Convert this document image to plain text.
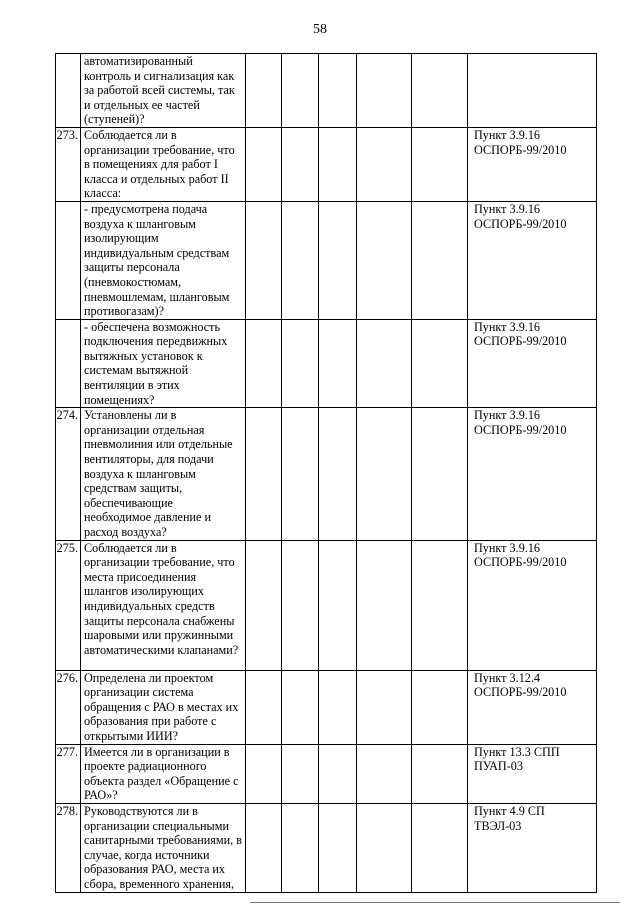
58
	автоматизированный контроль и сигнализация как за работой всей системы, так и отдельных ее частей (ступеней)?						
273.	Соблюдается ли в организации требование, что в помещениях для работ I класса и отдельных работ II класса:						Пункт 3.9.16 ОСПОРБ-99/2010
	- предусмотрена подача воздуха к шланговым изолирующим индивидуальным средствам защиты персонала (пневмокостюмам, пневмошлемам, шланговым противогазам)?						Пункт 3.9.16 ОСПОРБ-99/2010
	- обеспечена возможность подключения передвижных вытяжных установок к системам вытяжной вентиляции в этих помещениях?						Пункт 3.9.16 ОСПОРБ-99/2010
274.	Установлены ли в организации отдельная пневмолиния или отдельные вентиляторы, для подачи воздуха к шланговым средствам защиты, обеспечивающие необходимое давление и расход воздуха?						Пункт 3.9.16 ОСПОРБ-99/2010
275.	Соблюдается ли в организации требование, что места присоединения шлангов изолирующих индивидуальных средств защиты персонала снабжены шаровыми или пружинными автоматическими клапанами?						Пункт 3.9.16 ОСПОРБ-99/2010
276.	Определена ли проектом организации система обращения с РАО в местах их образования при работе с открытыми ИИИ?						Пункт 3.12.4 ОСПОРБ-99/2010
277.	Имеется ли в организации в проекте радиационного объекта раздел «Обращение с РАО»?						Пункт 13.3 СПП ПУАП-03
278.	Руководствуются ли в организации специальными санитарными требованиями, в случае, когда источники образования РАО, места их сбора, временного хранения,						Пункт 4.9 СП ТВЭЛ-03
